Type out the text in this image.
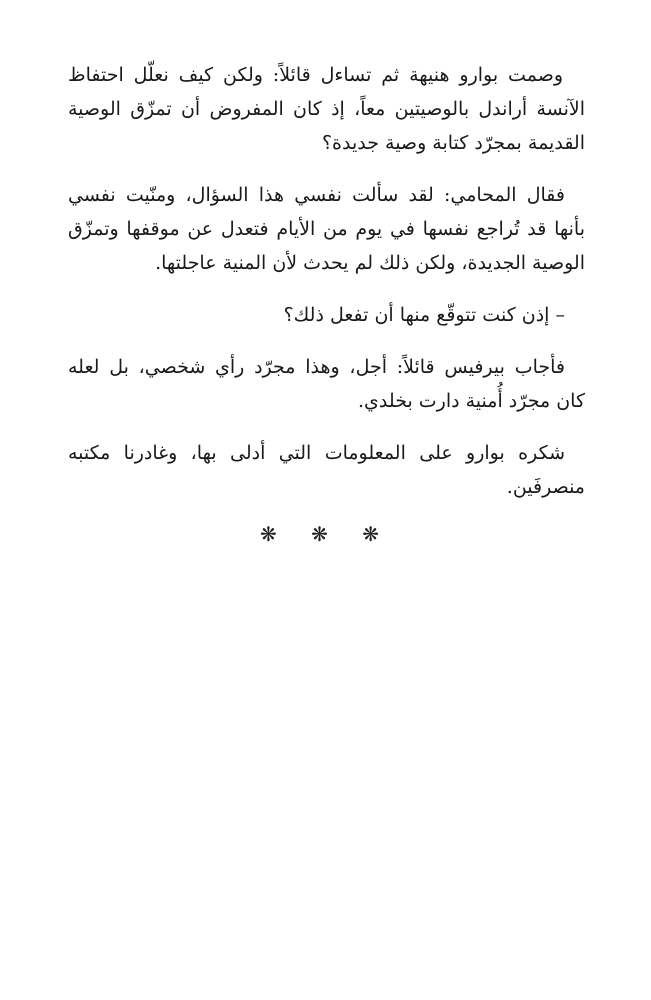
وصمت بوارو هنيهة ثم تساءل قائلاً: ولكن كيف نعلّل احتفاظ الآنسة أراندل بالوصيتين معاً، إذ كان المفروض أن تمزّق الوصية القديمة بمجرّد كتابة وصية جديدة؟

فقال المحامي: لقد سألت نفسي هذا السؤال، ومنّيت نفسي بأنها قد تُراجع نفسها في يوم من الأيام فتعدل عن موقفها وتمزّق الوصية الجديدة، ولكن ذلك لم يحدث لأن المنية عاجلتها.

– إذن كنت تتوقّع منها أن تفعل ذلك؟

فأجاب بيرفيس قائلاً: أجل، وهذا مجرّد رأي شخصي، بل لعله كان مجرّد أُمنية دارت بخلدي.

شكره بوارو على المعلومات التي أدلى بها، وغادرنا مكتبه منصرفَين.

❋ ❋ ❋
